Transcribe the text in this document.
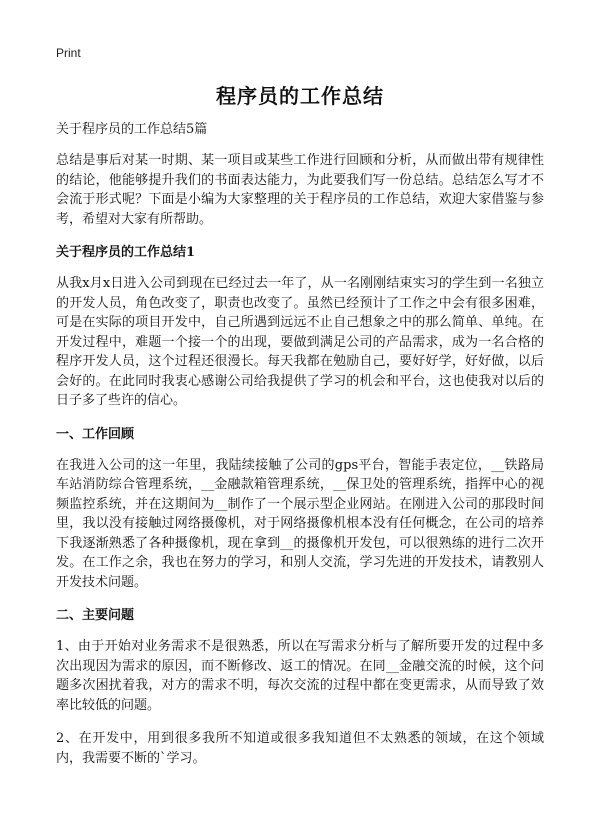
Print
程序员的工作总结
关于程序员的工作总结5篇

总结是事后对某一时期、某一项目或某些工作进行回顾和分析，从而做出带有规律性的结论，他能够提升我们的书面表达能力，为此要我们写一份总结。总结怎么写才不会流于形式呢？下面是小编为大家整理的关于程序员的工作总结，欢迎大家借鉴与参考，希望对大家有所帮助。

关于程序员的工作总结1

从我x月x日进入公司到现在已经过去一年了，从一名刚刚结束实习的学生到一名独立的开发人员，角色改变了，职责也改变了。虽然已经预计了工作之中会有很多困难，可是在实际的项目开发中，自己所遇到远远不止自己想象之中的那么简单、单纯。在开发过程中，难题一个接一个的出现，要做到满足公司的产品需求，成为一名合格的程序开发人员，这个过程还很漫长。每天我都在勉励自己，要好好学，好好做，以后会好的。在此同时我衷心感谢公司给我提供了学习的机会和平台，这也使我对以后的日子多了些许的信心。

一、工作回顾

在我进入公司的这一年里，我陆续接触了公司的gps平台，智能手表定位，__铁路局车站消防综合管理系统，__金融款箱管理系统，__保卫处的管理系统，指挥中心的视频监控系统，并在这期间为__制作了一个展示型企业网站。在刚进入公司的那段时间里，我以没有接触过网络摄像机，对于网络摄像机根本没有任何概念，在公司的培养下我逐渐熟悉了各种摄像机，现在拿到__的摄像机开发包，可以很熟练的进行二次开发。在工作之余，我也在努力的学习，和别人交流，学习先进的开发技术，请教别人开发技术问题。

二、主要问题

1、由于开始对业务需求不是很熟悉，所以在写需求分析与了解所要开发的过程中多次出现因为需求的原因，而不断修改、返工的情况。在同__金融交流的时候，这个问题多次困扰着我，对方的需求不明，每次交流的过程中都在变更需求，从而导致了效率比较低的问题。

2、在开发中，用到很多我所不知道或很多我知道但不太熟悉的领域，在这个领域内，我需要不断的`学习。
